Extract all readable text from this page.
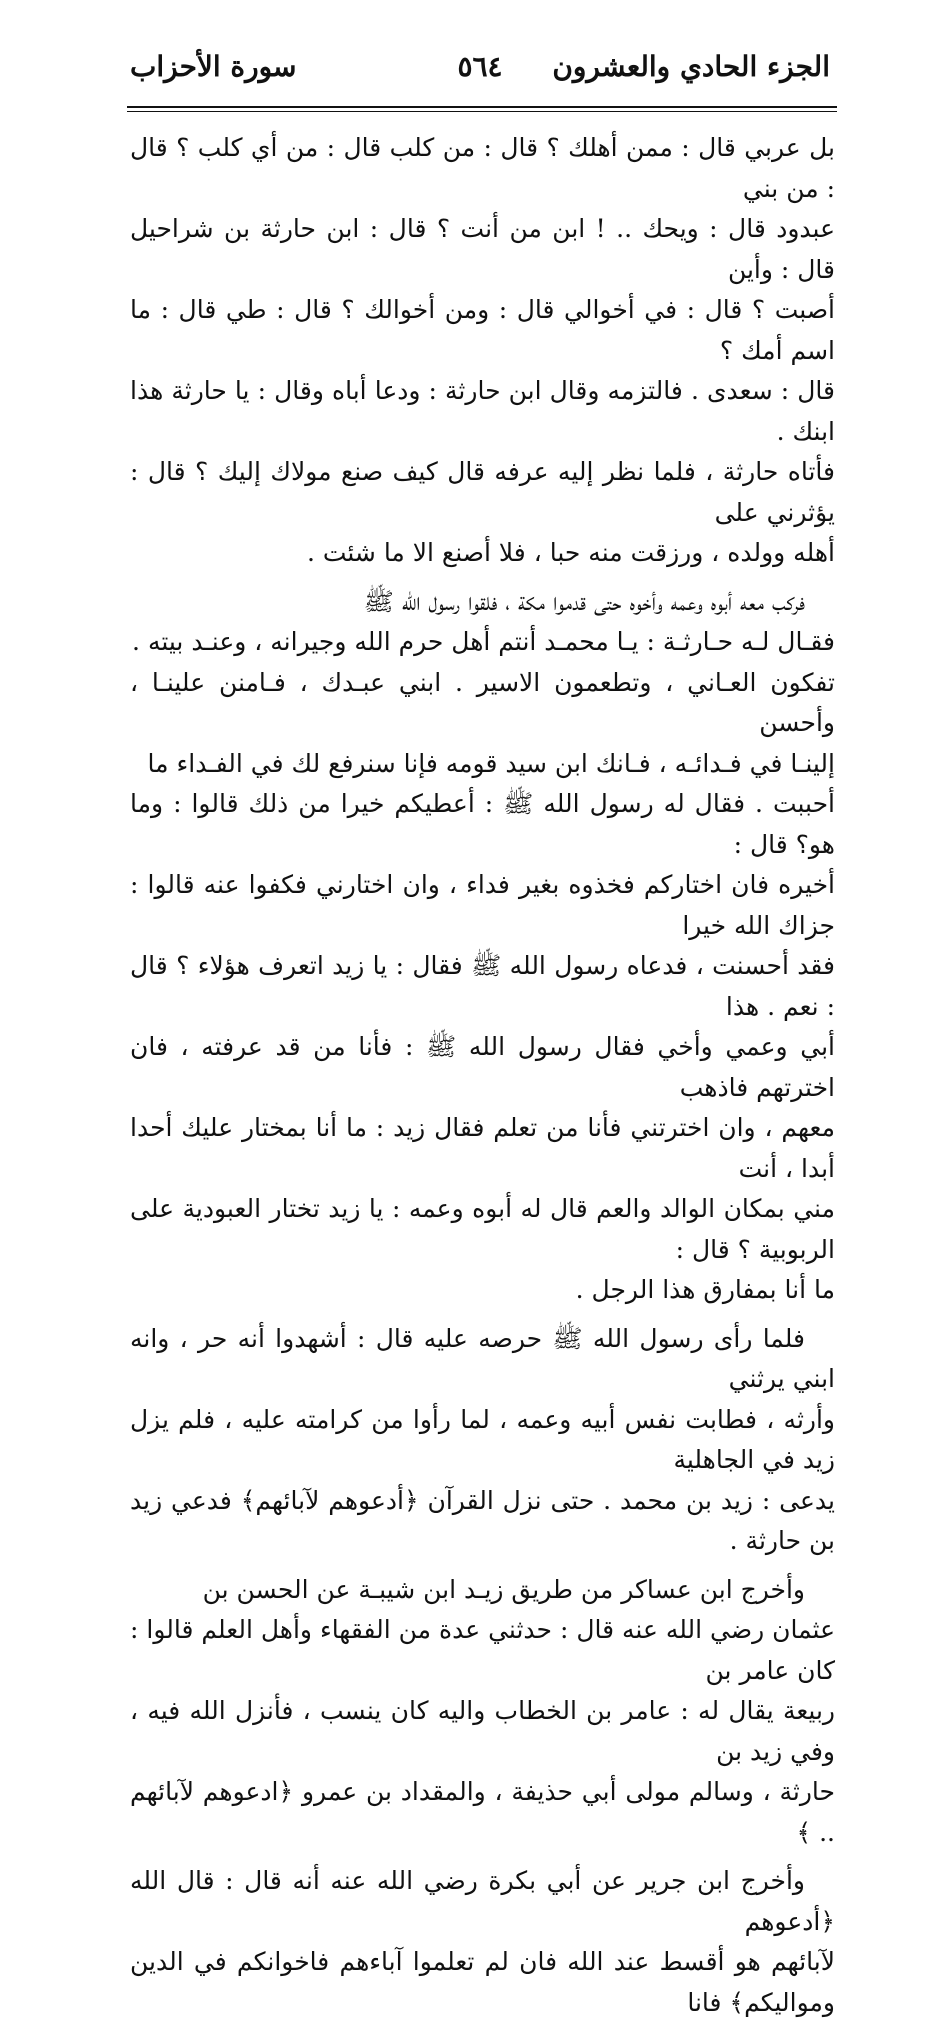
الجزء الحادي والعشرون
٥٦٤
سورة الأحزاب
بل عربي قال : ممن أهلك ؟ قال : من كلب قال : من أي كلب ؟ قال : من بني
عبدود قال : ويحك .. ! ابن من أنت ؟ قال : ابن حارثة بن شراحيل قال : وأين
أصبت ؟ قال : في أخوالي قال : ومن أخوالك ؟ قال : طي قال : ما اسم أمك ؟
قال : سعدى . فالتزمه وقال ابن حارثة : ودعا أباه وقال : يا حارثة هذا ابنك .
فأتاه حارثة ، فلما نظر إليه عرفه قال كيف صنع مولاك إليك ؟ قال : يؤثرني على
أهله وولده ، ورزقت منه حبا ، فلا أصنع الا ما شئت .
فركب معه أبوه وعمه وأخوه حتى قدموا مكة ، فلقوا رسول الله ﷺ
فقـال لـه حـارثـة : يـا محمـد أنتم أهل حرم الله وجيرانه ، وعنـد بيته .
تفكون العـاني ، وتطعمون الاسير . ابني عبـدك ، فـامنن علينـا ، وأحسن
إلينـا في فـدائـه ، فـانك ابن سيد قومه فإنا سنرفع لك في الفـداء ما
أحببت . فقال له رسول الله ﷺ : أعطيكم خيرا من ذلك قالوا : وما هو؟ قال :
أخيره فان اختاركم فخذوه بغير فداء ، وان اختارني فكفوا عنه قالوا : جزاك الله خيرا
فقد أحسنت ، فدعاه رسول الله ﷺ فقال : يا زيد اتعرف هؤلاء ؟ قال : نعم . هذا
أبي وعمي وأخي فقال رسول الله ﷺ : فأنا من قد عرفته ، فان اخترتهم فاذهب
معهم ، وان اخترتني فأنا من تعلم فقال زيد : ما أنا بمختار عليك أحدا أبدا ، أنت
مني بمكان الوالد والعم قال له أبوه وعمه : يا زيد تختار العبودية على الربوبية ؟ قال :
ما أنا بمفارق هذا الرجل .
فلما رأى رسول الله ﷺ حرصه عليه قال : أشهدوا أنه حر ، وانه ابني يرثني
وأرثه ، فطابت نفس أبيه وعمه ، لما رأوا من كرامته عليه ، فلم يزل زيد في الجاهلية
يدعى : زيد بن محمد . حتى نزل القرآن ﴿أدعوهم لآبائهم﴾ فدعي زيد بن حارثة .
وأخرج ابن عساكر من طريق زيـد ابن شيبـة عن الحسن بن
عثمان رضي الله عنه قال : حدثني عدة من الفقهاء وأهل العلم قالوا : كان عامر بن
ربيعة يقال له : عامر بن الخطاب واليه كان ينسب ، فأنزل الله فيه ، وفي زيد بن
حارثة ، وسالم مولى أبي حذيفة ، والمقداد بن عمرو ﴿ادعوهم لآبائهم .. ﴾
وأخرج ابن جرير عن أبي بكرة رضي الله عنه أنه قال : قال الله ﴿أدعوهم
لآبائهم هو أقسط عند الله فان لم تعلموا آباءهم فاخوانكم في الدين ومواليكم﴾ فانا
